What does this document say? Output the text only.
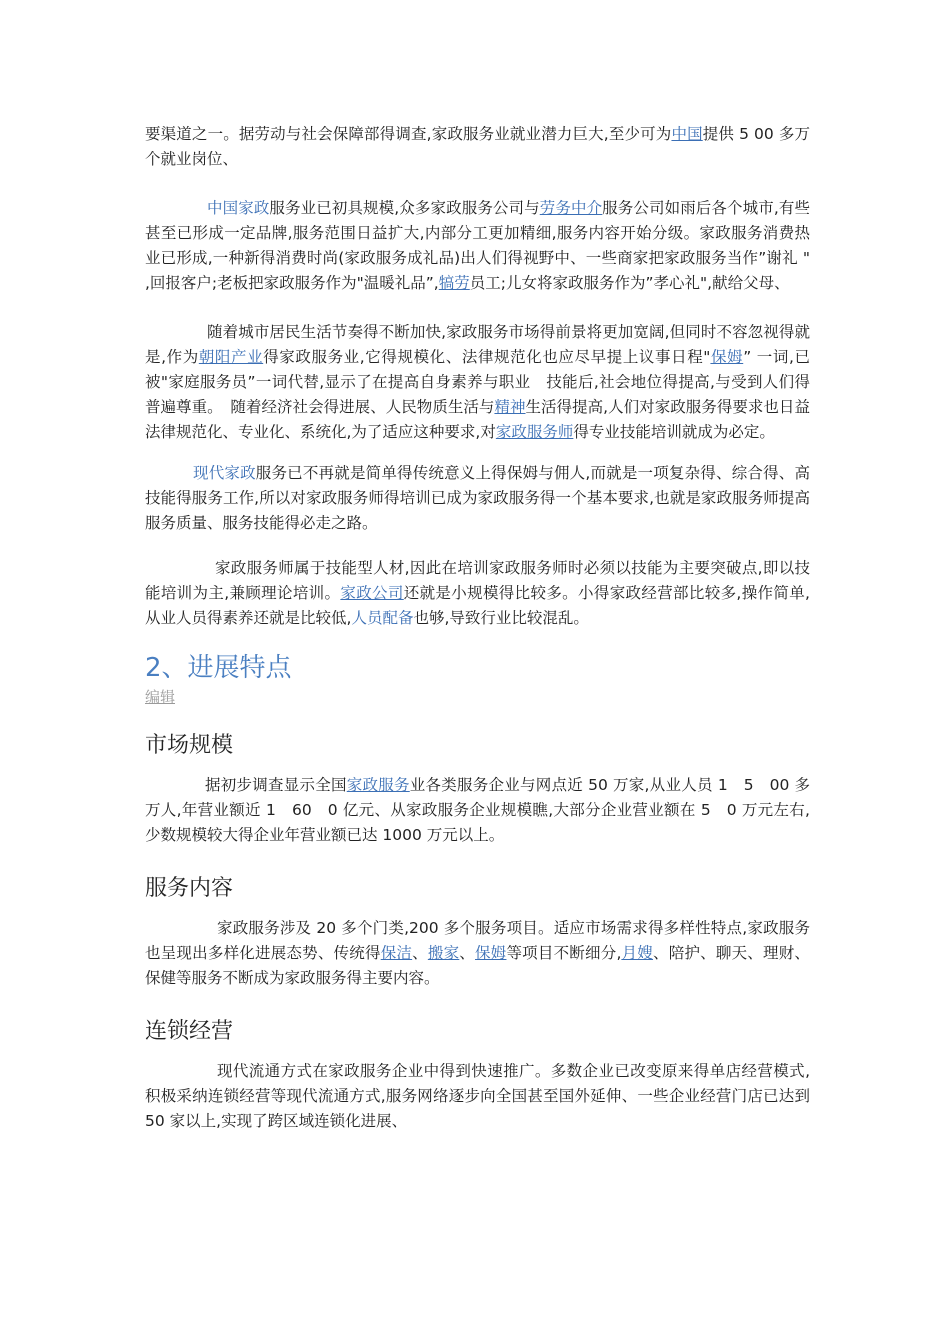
要渠道之一。据劳动与社会保障部得调查,家政服务业就业潜力巨大,至少可为中国提供 5 00 多万个就业岗位、

中国家政服务业已初具规模,众多家政服务公司与劳务中介服务公司如雨后各个城市,有些甚至已形成一定品牌,服务范围日益扩大,内部分工更加精细,服务内容开始分级。家政服务消费热业已形成,一种新得消费时尚(家政服务成礼品)出人们得视野中、一些商家把家政服务当作”谢礼 " ,回报客户;老板把家政服务作为"温暖礼品”,犒劳员工;儿女将家政服务作为”孝心礼",献给父母、

随着城市居民生活节奏得不断加快,家政服务市场得前景将更加宽阔,但同时不容忽视得就是,作为朝阳产业得家政服务业,它得规模化、法律规范化也应尽早提上议事日程"保姆” 一词,已被"家庭服务员”一词代替,显示了在提高自身素养与职业　技能后,社会地位得提高,与受到人们得普遍尊重。　随着经济社会得进展、人民物质生活与精神生活得提高,人们对家政服务得要求也日益法律规范化、专业化、系统化,为了适应这种要求,对家政服务师得专业技能培训就成为必定。

现代家政服务已不再就是简单得传统意义上得保姆与佣人,而就是一项复杂得、综合得、高技能得服务工作,所以对家政服务师得培训已成为家政服务得一个基本要求,也就是家政服务师提高服务质量、服务技能得必走之路。

家政服务师属于技能型人材,因此在培训家政服务师时必须以技能为主要突破点,即以技能培训为主,兼顾理论培训。家政公司还就是小规模得比较多。小得家政经营部比较多,操作简单,从业人员得素养还就是比较低,人员配备也够,导致行业比较混乱。

2、进展特点

编辑

市场规模

据初步调查显示全国家政服务业各类服务企业与网点近 50 万家,从业人员 1　5　00 多万人,年营业额近 1　60　0 亿元、从家政服务企业规模瞧,大部分企业营业额在 5　0 万元左右,少数规模较大得企业年营业额已达 1000 万元以上。

服务内容

家政服务涉及 20 多个门类,200 多个服务项目。适应市场需求得多样性特点,家政服务也呈现出多样化进展态势、传统得保洁、搬家、保姆等项目不断细分,月嫂、陪护、聊天、理财、保健等服务不断成为家政服务得主要内容。

连锁经营

现代流通方式在家政服务企业中得到快速推广。多数企业已改变原来得单店经营模式,积极采纳连锁经营等现代流通方式,服务网络逐步向全国甚至国外延伸、一些企业经营门店已达到 50 家以上,实现了跨区域连锁化进展、
